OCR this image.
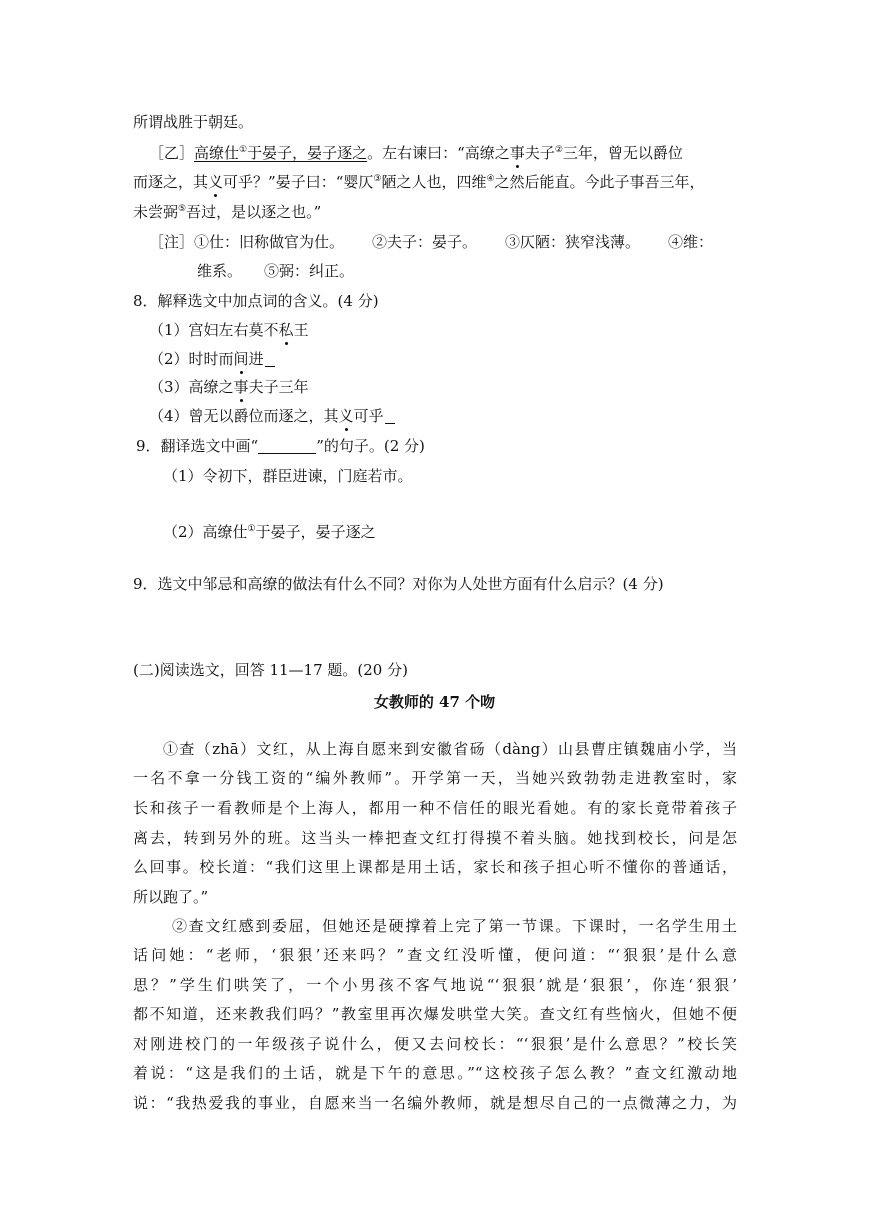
所谓战胜于朝廷。
［乙］高缭仕①于晏子，晏子逐之。左右谏曰：“高缭之事夫子②三年，曾无以爵位
而逐之，其义可乎？”晏子曰：“婴仄③陋之人也，四维④之然后能直。今此子事吾三年，
未尝弼⑤吾过，是以逐之也。”
［注］①仕：旧称做官为仕。 ②夫子：晏子。 ③仄陋：狭窄浅薄。 ④维：
维系。 ⑤弼：纠正。
8．解释选文中加点词的含义。(4 分)
（1）宫妇左右莫不私王
（2）时时而间进
（3）高缭之事夫子三年
（4）曾无以爵位而逐之，其义可乎
9．翻译选文中画“	”的句子。(2 分)
（1）令初下，群臣进谏，门庭若市。
（2）高缭仕①于晏子，晏子逐之
9．选文中邹忌和高缭的做法有什么不同？对你为人处世方面有什么启示？(4 分)
(二)阅读选文，回答 11—17 题。(20 分)
女教师的 47 个吻
①查（zhā）文红，从上海自愿来到安徽省砀（dàng）山县曹庄镇魏庙小学，当
一名不拿一分钱工资的“编外教师”。开学第一天，当她兴致勃勃走进教室时，家
长和孩子一看教师是个上海人，都用一种不信任的眼光看她。有的家长竟带着孩子
离去，转到另外的班。这当头一棒把查文红打得摸不着头脑。她找到校长，问是怎
么回事。校长道：“我们这里上课都是用土话，家长和孩子担心听不懂你的普通话，
所以跑了。”
②查文红感到委屈，但她还是硬撑着上完了第一节课。下课时，一名学生用土
话问她：“老师，‘狠狠’还来吗？”查文红没听懂，便问道：“‘狠狠’是什么意
思？”学生们哄笑了，一个小男孩不客气地说“‘狠狠’就是‘狠狠’，你连‘狠狠’
都不知道，还来教我们吗？”教室里再次爆发哄堂大笑。查文红有些恼火，但她不便
对刚进校门的一年级孩子说什么，便又去问校长：“‘狠狠’是什么意思？”校长笑
着说：“这是我们的土话，就是下午的意思。”“这校孩子怎么教？”查文红激动地
说：“我热爱我的事业，自愿来当一名编外教师，就是想尽自己的一点微薄之力，为
